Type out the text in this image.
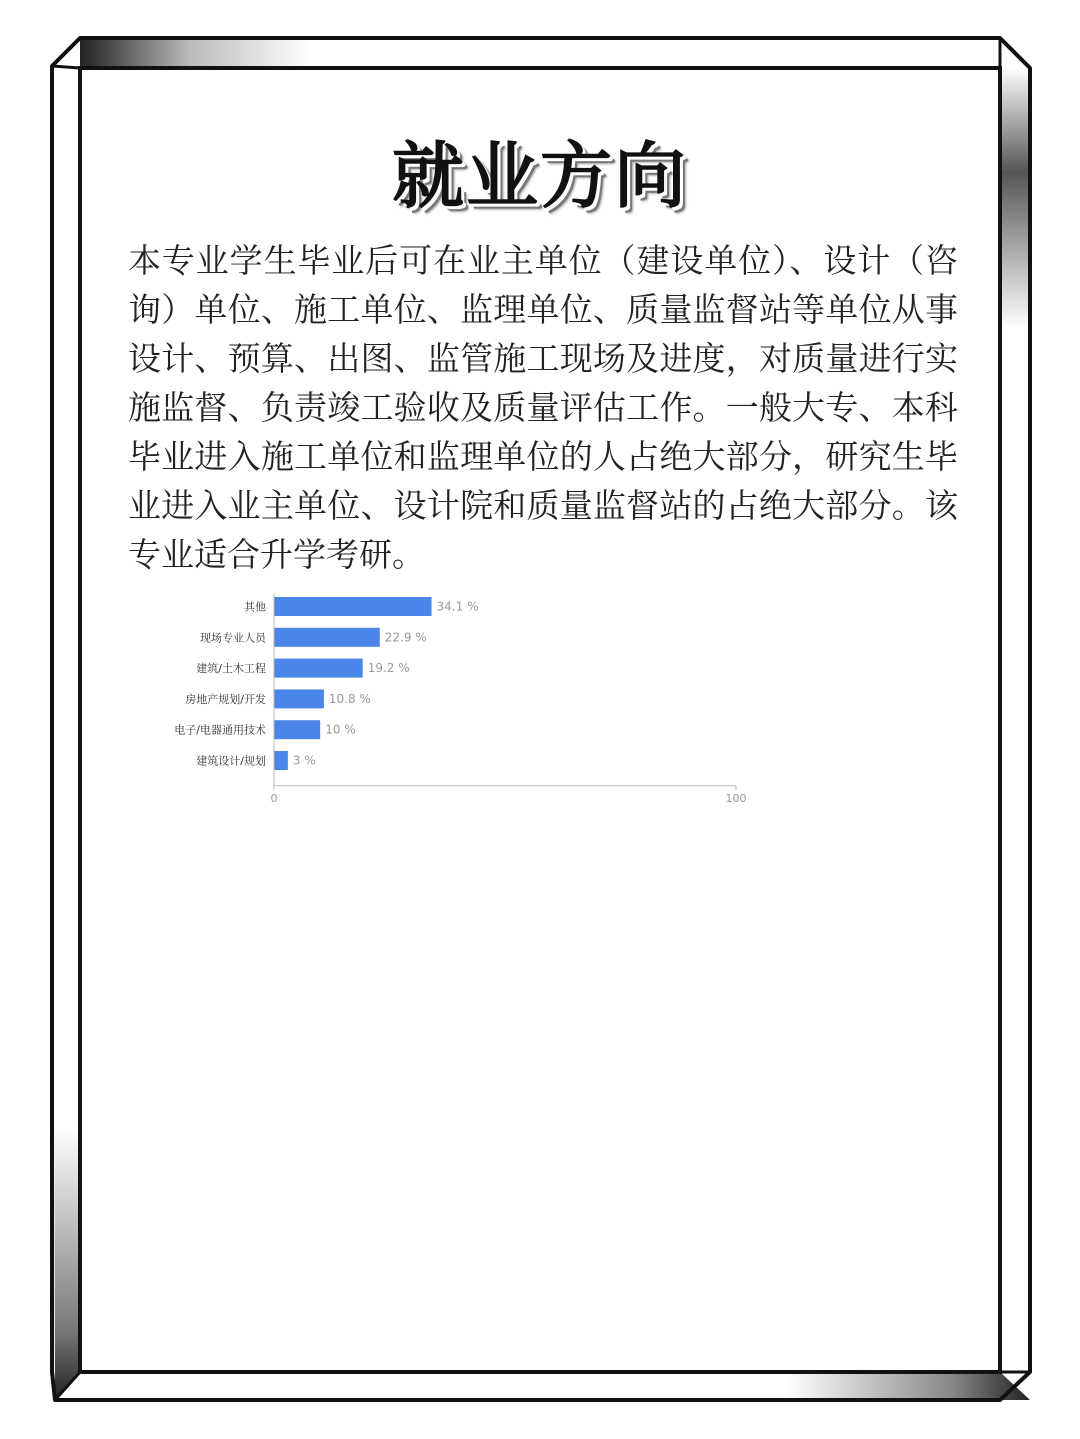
就业方向

本专业学生毕业后可在业主单位（建设单位）、设计（咨询）单位、施工单位、监理单位、质量监督站等单位从事设计、预算、出图、监管施工现场及进度，对质量进行实施监督、负责竣工验收及质量评估工作。一般大专、本科毕业进入施工单位和监理单位的人占绝大部分，研究生毕业进入业主单位、设计院和质量监督站的占绝大部分。该专业适合升学考研。

其他	34.1 %
现场专业人员	22.9 %
建筑/土木工程	19.2 %
房地产规划/开发	10.8 %
电子/电器通用技术	10 %
建筑设计/规划 3 %
0	100
